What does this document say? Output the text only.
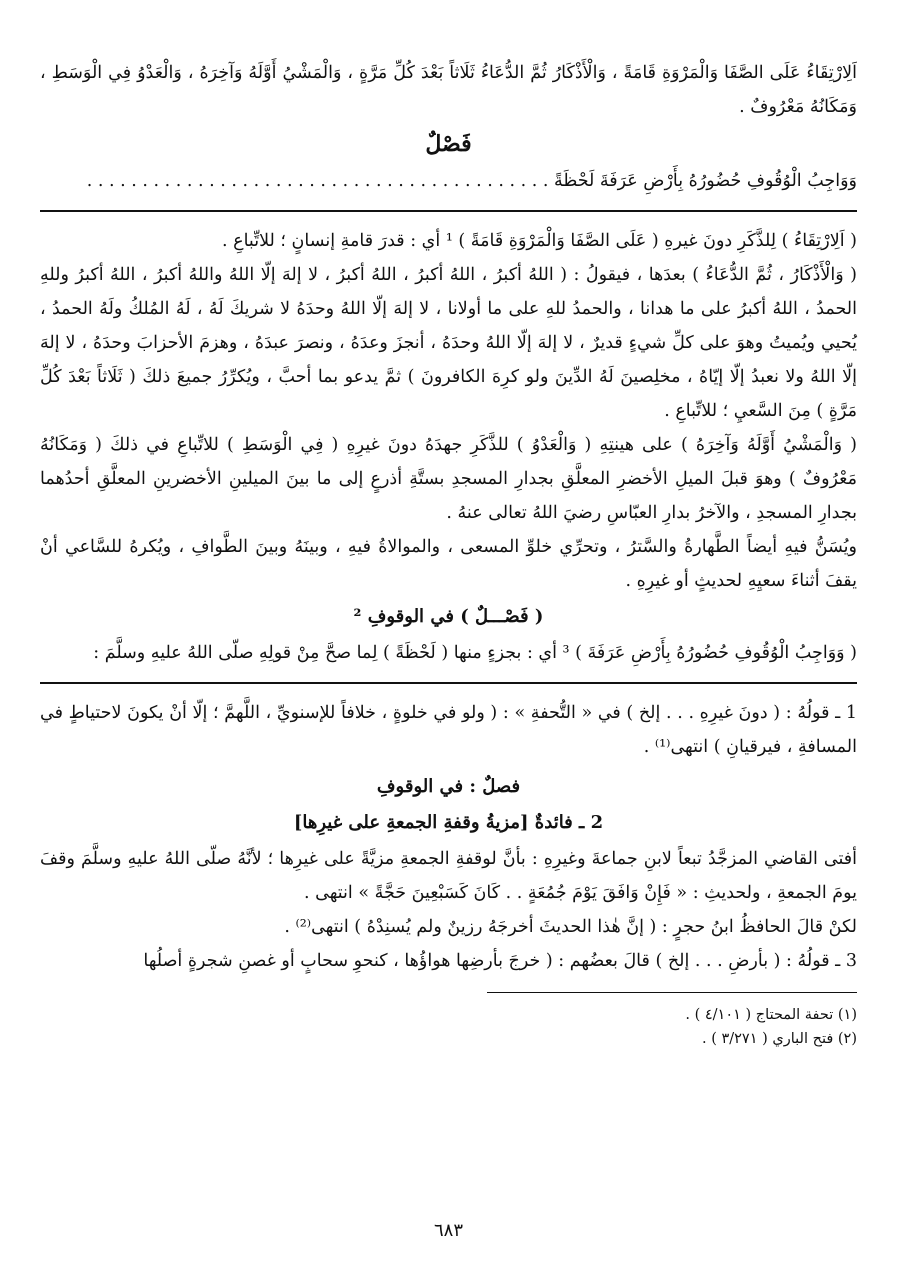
اَلِارْتِقَاءُ عَلَى الصَّفَا وَالْمَرْوَةِ قَامَةً ، وَالْأَذْكَارُ ثُمَّ الدُّعَاءُ ثَلَاثاً بَعْدَ كُلِّ مَرَّةٍ ، وَالْمَشْيُ أَوَّلَهُ وَآخِرَهُ ، وَالْعَدْوُ فِي الْوَسَطِ ، وَمَكَانُهُ مَعْرُوفٌ .

فَصْلٌ

وَوَاجِبُ الْوُقُوفِ حُضُورُهُ بِأَرْضِ عَرَفَةَ لَحْظَةً . . . . . . . . . . . . . . . . . . . . . . . . . . . . . . . . . . . . . . . . . .

( اَلِارْتِقَاءُ ) لِلذَّكَرِ دونَ غيرهِ ( عَلَى الصَّفَا وَالْمَرْوَةِ قَامَةً ) ¹ أي : قدرَ قامةِ إنسانٍ ؛ للاتِّباعِ .

( وَالْأَذْكَارُ ، ثُمَّ الدُّعَاءُ ) بعدَها ، فيقولُ : ( اللهُ أكبرُ ، اللهُ أكبرُ ، اللهُ أكبرُ ، لا إلهَ إلّا اللهُ واللهُ أكبرُ ، اللهُ أكبرُ وللهِ الحمدُ ، اللهُ أكبرُ على ما هدانا ، والحمدُ للهِ على ما أولانا ، لا إلهَ إلّا اللهُ وحدَهُ لا شريكَ لَهُ ، لَهُ المُلكُ ولَهُ الحمدُ ، يُحيي ويُميتُ وهوَ على كلِّ شيءٍ قديرٌ ، لا إلهَ إلّا اللهُ وحدَهُ ، أنجزَ وعدَهُ ، ونصرَ عبدَهُ ، وهزمَ الأحزابَ وحدَهُ ، لا إلهَ إلّا اللهُ ولا نعبدُ إلّا إيّاهُ ، مخلِصينَ لَهُ الدِّينَ ولو كرِهَ الكافرونَ ) ثمَّ يدعو بما أحبَّ ، ويُكرِّرُ جميعَ ذلكَ ( ثَلَاثاً بَعْدَ كُلِّ مَرَّةٍ ) مِنَ السَّعيِ ؛ للاتِّباعِ .

( وَالْمَشْيُ أَوَّلَهُ وَآخِرَهُ ) على هينتِهِ ( وَالْعَدْوُ ) للذَّكَرِ جهدَهُ دونَ غيرِهِ ( فِي الْوَسَطِ ) للاتِّباعِ في ذلكَ ( وَمَكَانُهُ مَعْرُوفٌ ) وهوَ قبلَ الميلِ الأخضرِ المعلَّقِ بجدارِ المسجدِ بستَّةِ أذرعٍ إلى ما بينَ الميلينِ الأخضرينِ المعلَّقِ أحدُهما بجدارِ المسجدِ ، والآخرُ بدارِ العبّاسِ رضيَ اللهُ تعالى عنهُ .

ويُسَنُّ فيهِ أيضاً الطَّهارةُ والسَّترُ ، وتحرِّي خلوِّ المسعى ، والموالاةُ فيهِ ، وبينَهُ وبينَ الطَّوافِ ، ويُكرهُ للسَّاعي أنْ يقفَ أثناءَ سعيِهِ لحديثٍ أو غيرِهِ .

( فَصْـــلٌ ) في الوقوفِ ²

( وَوَاجِبُ الْوُقُوفِ حُضُورُهُ بِأَرْضِ عَرَفَةَ ) ³ أي : بجزءٍ منها ( لَحْظَةً ) لِما صحَّ مِنْ قولِهِ صلّى اللهُ عليهِ وسلَّمَ :

1 ـ قولُهُ : ( دونَ غيرِهِ . . . إلخ ) في « التُّحفةِ » : ( ولو في خلوةٍ ، خلافاً للإسنويِّ ، اللَّهمَّ ؛ إلّا أنْ يكونَ لاحتياطٍ في المسافةِ ، فيرقيانِ ) انتهى⁽¹⁾ .

فصلٌ : في الوقوفِ

2 ـ فائدةٌ [مزيةُ وقفةِ الجمعةِ على غيرِها]

أفتى القاضي المزجَّدُ تبعاً لابنِ جماعةَ وغيرِهِ : بأنَّ لوقفةِ الجمعةِ مزيَّةً على غيرِها ؛ لأنَّهُ صلّى اللهُ عليهِ وسلَّمَ وقفَ يومَ الجمعةِ ، ولحديثِ : « فَإِنْ وَافَقَ يَوْمَ جُمُعَةٍ . . كَانَ كَسَبْعِينَ حَجَّةً » انتهى .

لكنْ قالَ الحافظُ ابنُ حجرٍ : ( إنَّ هٰذا الحديثَ أخرجَهُ رزينٌ ولم يُسنِدْهُ ) انتهى⁽²⁾ .

3 ـ قولُهُ : ( بأرضِ . . . إلخ ) قالَ بعضُهم : ( خرجَ بأرضِها هواؤُها ، كنحوِ سحابٍ أو غصنِ شجرةٍ أصلُها

(١) تحفة المحتاج ( ٤/١٠١ ) .

(٢) فتح الباري ( ٣/٢٧١ ) .

٦٨٣
